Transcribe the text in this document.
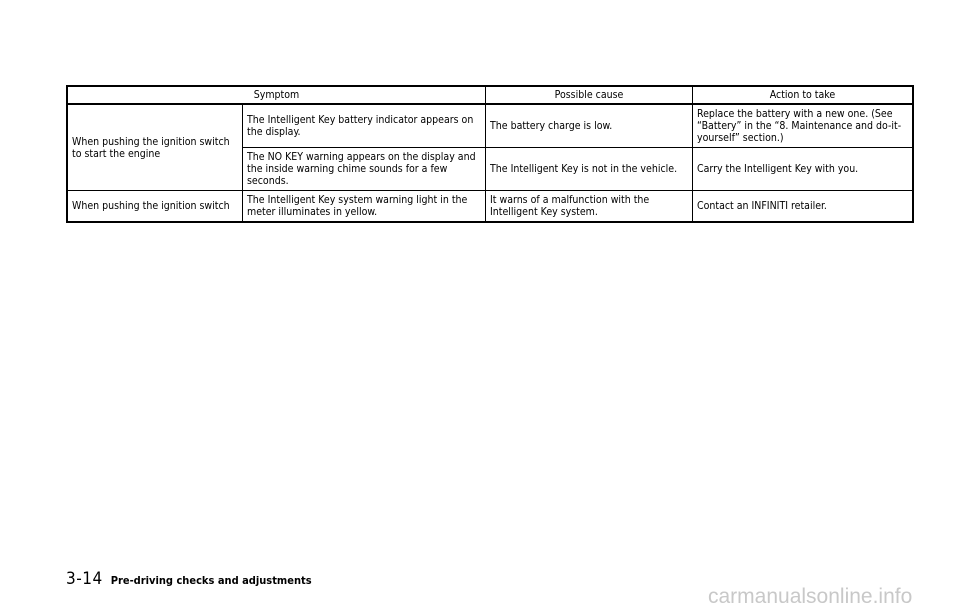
Symptom		Possible cause	Action to take
When pushing the ignition switch to start the engine	The Intelligent Key battery indicator appears on the display.	The battery charge is low.	Replace the battery with a new one. (See “Battery” in the “8. Maintenance and do-it-yourself” section.)
	The NO KEY warning appears on the display and the inside warning chime sounds for a few seconds.	The Intelligent Key is not in the vehicle.	Carry the Intelligent Key with you.
When pushing the ignition switch	The Intelligent Key system warning light in the meter illuminates in yellow.	It warns of a malfunction with the Intelligent Key system.	Contact an INFINITI retailer.
3-14 Pre-driving checks and adjustments
carmanualsonline.info
